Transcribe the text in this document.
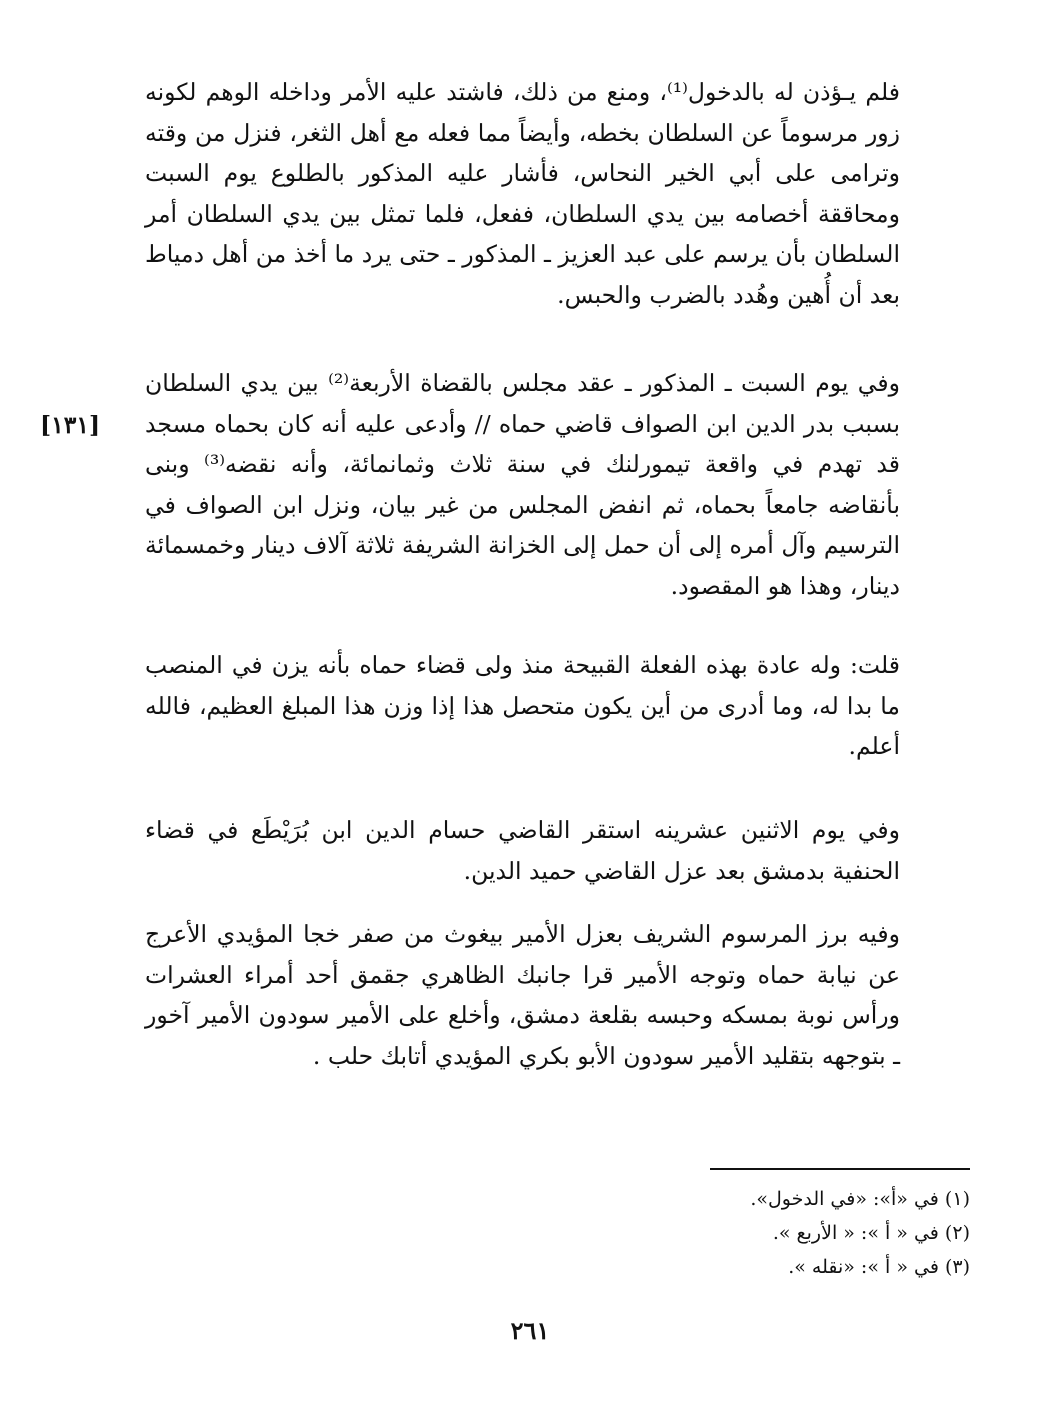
فلم يـؤذن له بالدخول⁽¹⁾، ومنع من ذلك، فاشتد عليه الأمر وداخله الوهم لكونه زور مرسوماً عن السلطان بخطه، وأيضاً مما فعله مع أهل الثغر، فنزل من وقته وترامى على أبي الخير النحاس، فأشار عليه المذكور بالطلوع يوم السبت ومحاققة أخصامه بين يدي السلطان، ففعل، فلما تمثل بين يدي السلطان أمر السلطان بأن يرسم على عبد العزيز ـ المذكور ـ حتى يرد ما أخذ من أهل دمياط بعد أن أُهين وهُدد بالضرب والحبس.

وفي يوم السبت ـ المذكور ـ عقد مجلس بالقضاة الأربعة⁽²⁾ بين يدي السلطان بسبب بدر الدين ابن الصواف قاضي حماه // وأدعى عليه أنه كان بحماه مسجد قد تهدم في واقعة تيمورلنك في سنة ثلاث وثمانمائة، وأنه نقضه⁽³⁾ وبنى بأنقاضه جامعاً بحماه، ثم انفض المجلس من غير بيان، ونزل ابن الصواف في الترسيم وآل أمره إلى أن حمل إلى الخزانة الشريفة ثلاثة آلاف دينار وخمسمائة دينار، وهذا هو المقصود.

[١٣١]

قلت: وله عادة بهذه الفعلة القبيحة منذ ولى قضاء حماه بأنه يزن في المنصب ما بدا له، وما أدرى من أين يكون متحصل هذا إذا وزن هذا المبلغ العظيم، فالله أعلم.

وفي يوم الاثنين عشرينه استقر القاضي حسام الدين ابن بُرَيْطَع في قضاء الحنفية بدمشق بعد عزل القاضي حميد الدين.

وفيه برز المرسوم الشريف بعزل الأمير بيغوث من صفر خجا المؤيدي الأعرج عن نيابة حماه وتوجه الأمير قرا جانبك الظاهري جقمق أحد أمراء العشرات ورأس نوبة بمسكه وحبسه بقلعة دمشق، وأخلع على الأمير سودون الأمير آخور ـ بتوجهه بتقليد الأمير سودون الأبو بكري المؤيدي أتابك حلب .

(١) في «أ»: «في الدخول».
(٢) في « أ »: « الأربع ».
(٣) في « أ »: «نقله ».
٢٦١
